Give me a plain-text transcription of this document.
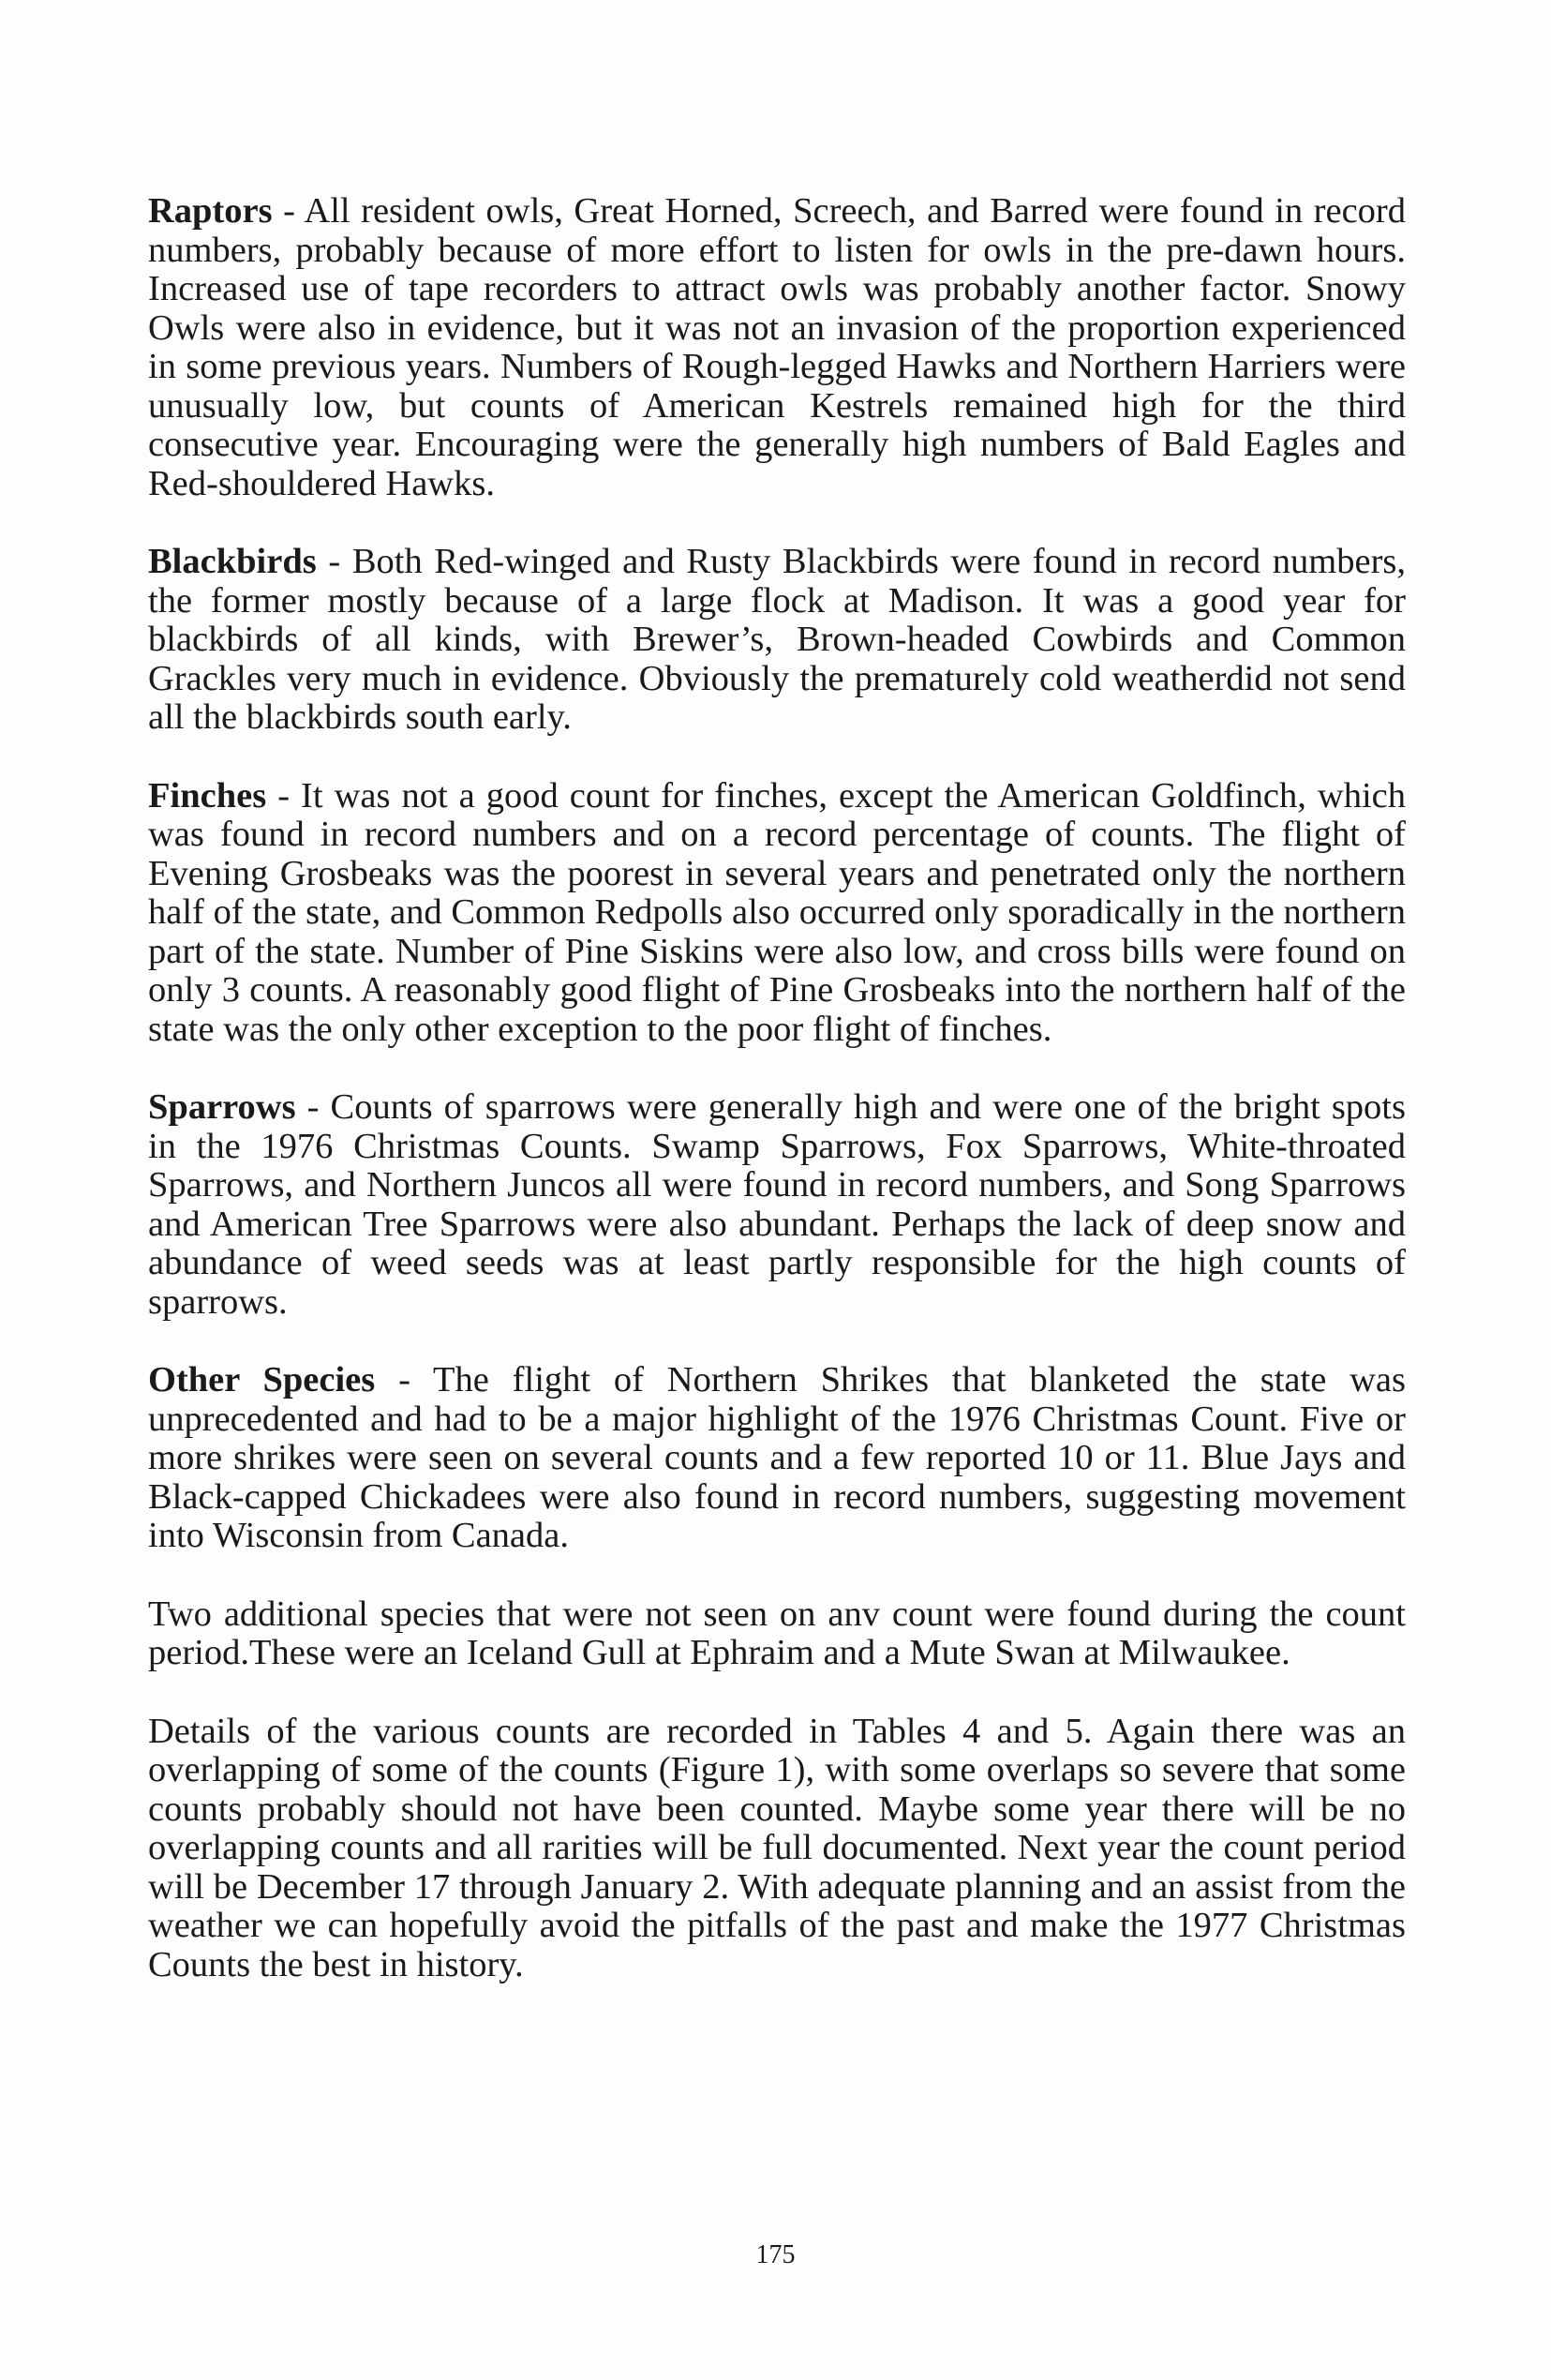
Raptors - All resident owls, Great Horned, Screech, and Barred were found in record numbers, probably because of more effort to listen for owls in the pre-dawn hours. Increased use of tape recorders to attract owls was probably another factor. Snowy Owls were also in evidence, but it was not an invasion of the proportion experienced in some previous years. Numbers of Rough-legged Hawks and Northern Harriers were unusually low, but counts of American Kestrels remained high for the third consecutive year. Encouraging were the generally high numbers of Bald Eagles and Red-shouldered Hawks.

Blackbirds - Both Red-winged and Rusty Blackbirds were found in record numbers, the former mostly because of a large flock at Madison. It was a good year for blackbirds of all kinds, with Brewer’s, Brown-headed Cowbirds and Common Grackles very much in evidence. Obviously the prematurely cold weatherdid not send all the blackbirds south early.

Finches - It was not a good count for finches, except the American Goldfinch, which was found in record numbers and on a record percentage of counts. The flight of Evening Grosbeaks was the poorest in several years and penetrated only the northern half of the state, and Common Redpolls also occurred only sporadically in the northern part of the state. Number of Pine Siskins were also low, and cross bills were found on only 3 counts. A reasonably good flight of Pine Grosbeaks into the northern half of the state was the only other exception to the poor flight of finches.

Sparrows - Counts of sparrows were generally high and were one of the bright spots in the 1976 Christmas Counts. Swamp Sparrows, Fox Sparrows, White-throated Sparrows, and Northern Juncos all were found in record numbers, and Song Sparrows and American Tree Sparrows were also abundant. Perhaps the lack of deep snow and abundance of weed seeds was at least partly responsible for the high counts of sparrows.

Other Species - The flight of Northern Shrikes that blanketed the state was unprecedented and had to be a major highlight of the 1976 Christmas Count. Five or more shrikes were seen on several counts and a few reported 10 or 11. Blue Jays and Black-capped Chickadees were also found in record numbers, suggesting movement into Wisconsin from Canada.

Two additional species that were not seen on anv count were found during the count period.These were an Iceland Gull at Ephraim and a Mute Swan at Milwaukee.

Details of the various counts are recorded in Tables 4 and 5. Again there was an overlapping of some of the counts (Figure 1), with some overlaps so severe that some counts probably should not have been counted. Maybe some year there will be no overlapping counts and all rarities will be full documented. Next year the count period will be December 17 through January 2. With adequate planning and an assist from the weather we can hopefully avoid the pitfalls of the past and make the 1977 Christmas Counts the best in history.

175
